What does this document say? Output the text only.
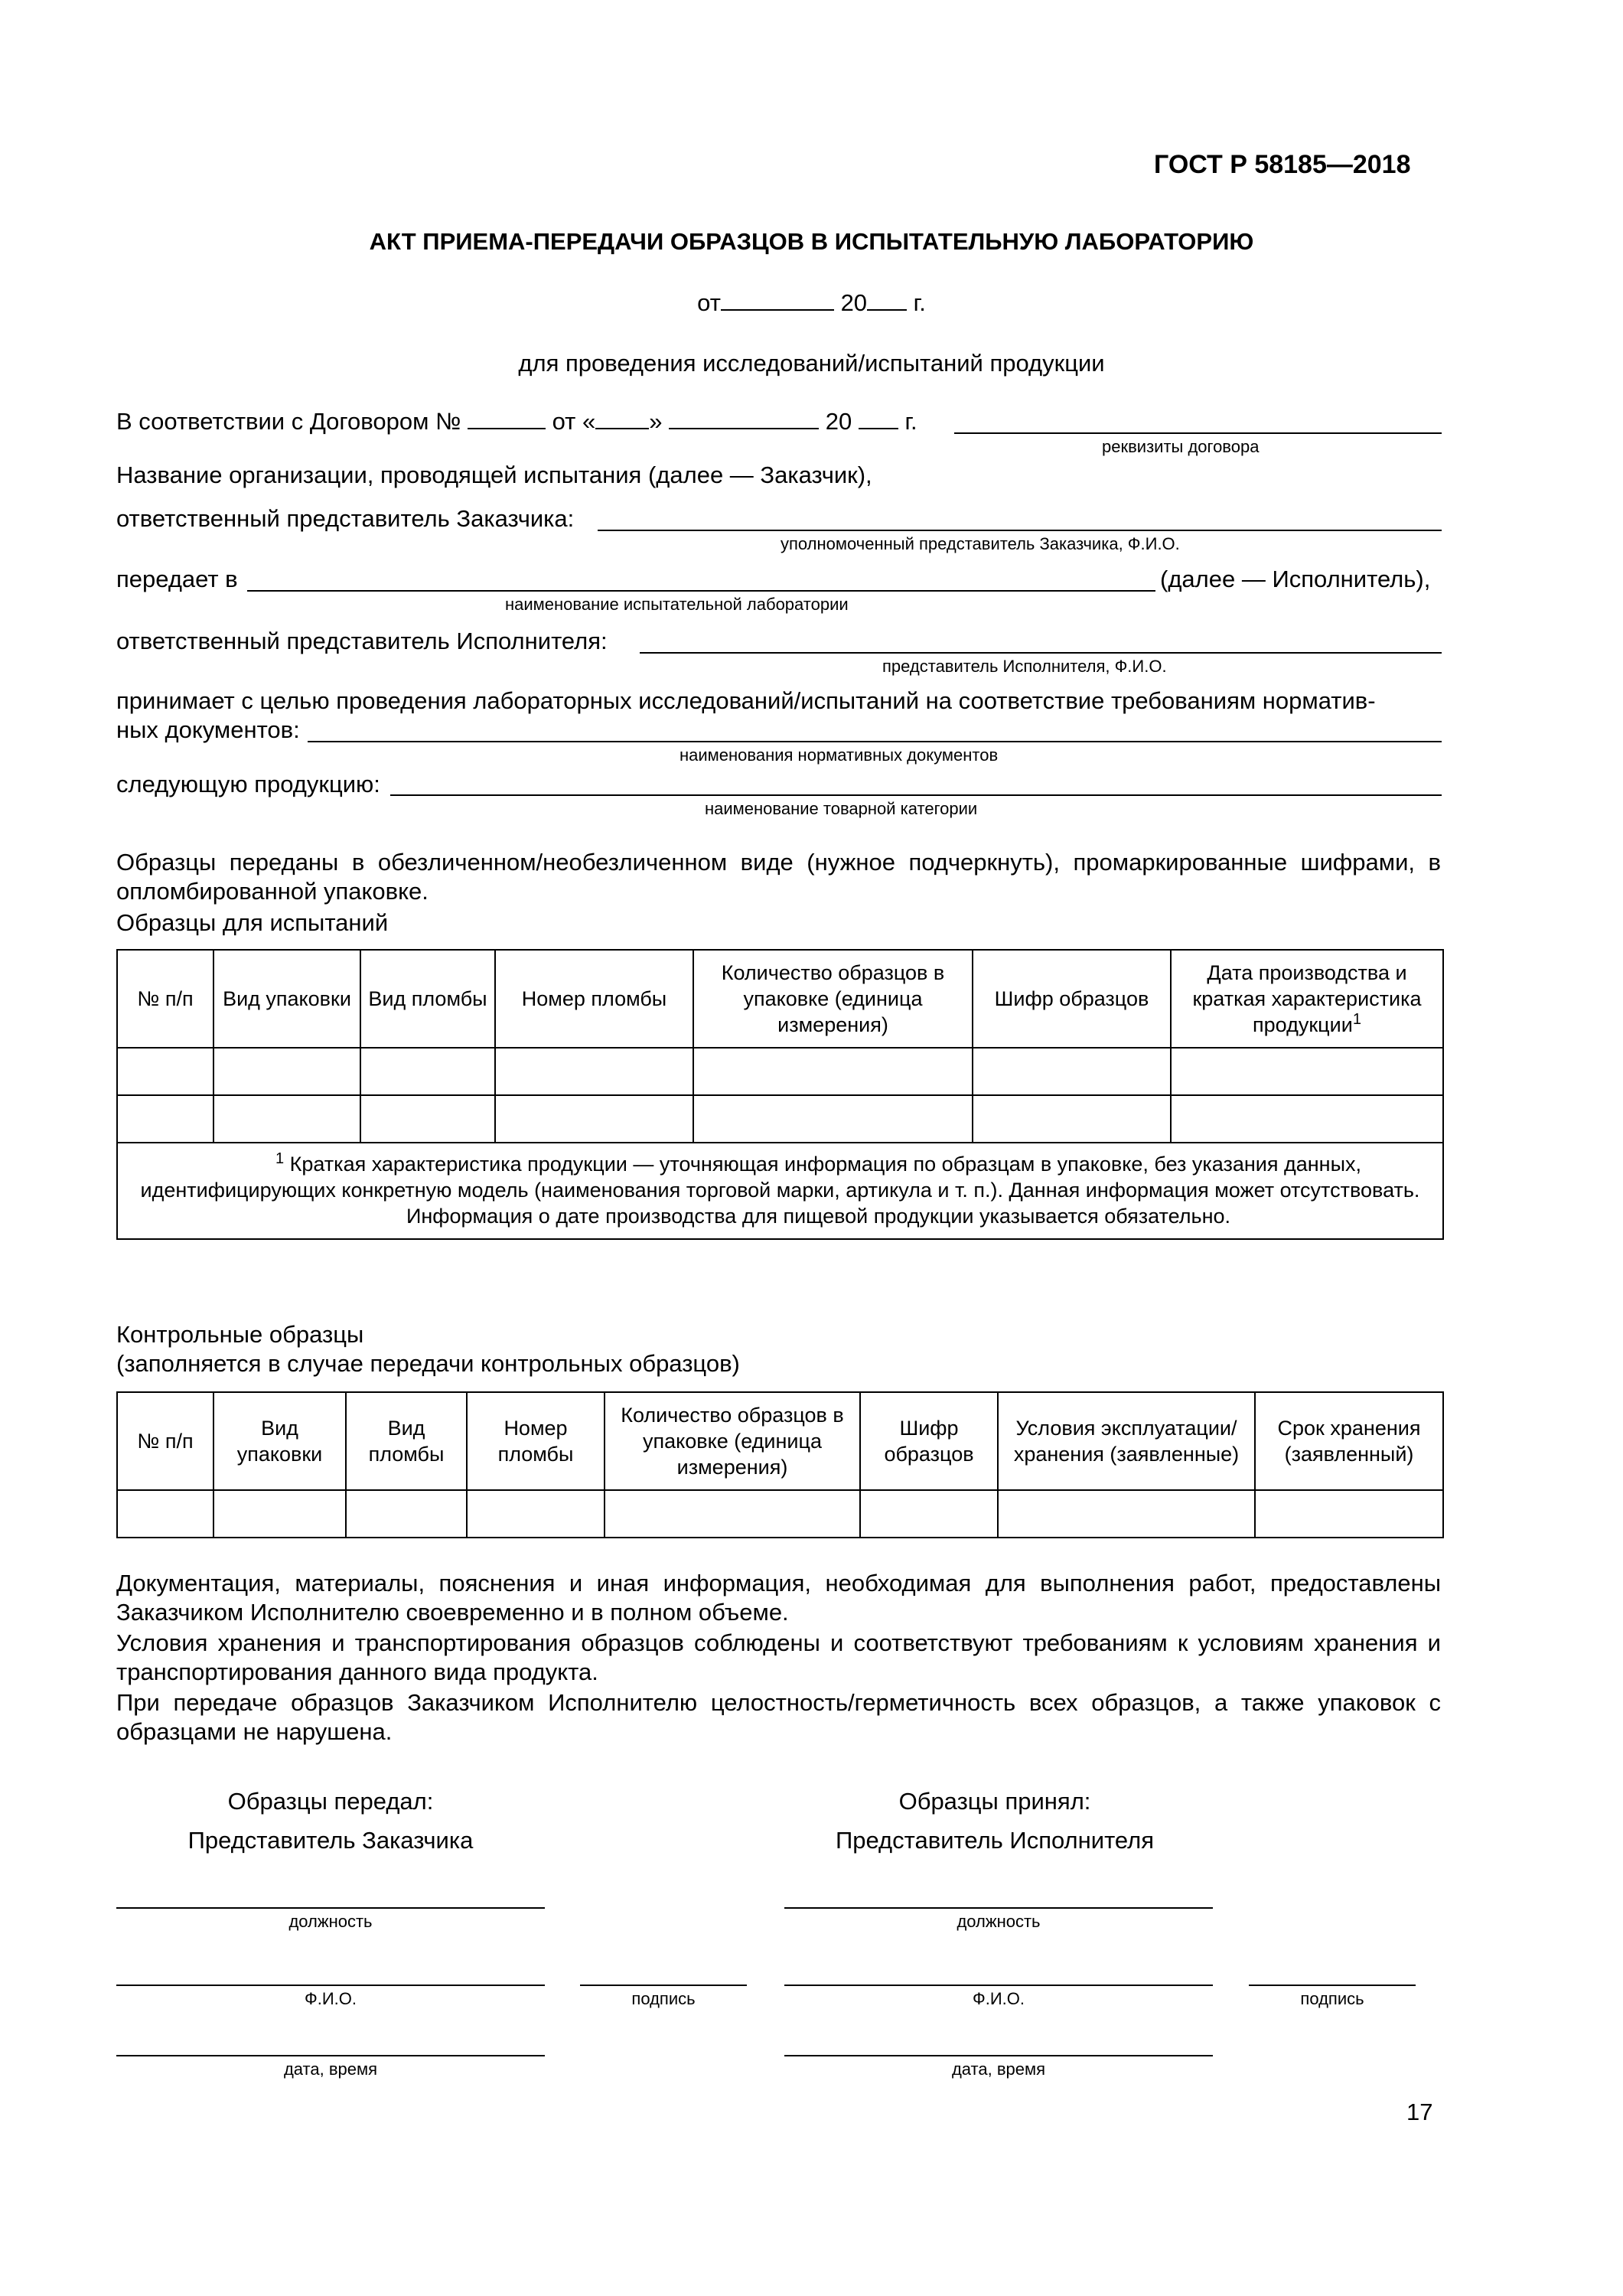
ГОСТ Р 58185—2018
АКТ ПРИЕМА-ПЕРЕДАЧИ ОБРАЗЦОВ В ИСПЫТАТЕЛЬНУЮ ЛАБОРАТОРИЮ
от	20 г.
для проведения исследований/испытаний продукции
В соответствии с Договором №	от « »	20 г.
реквизиты договора
Название организации, проводящей испытания (далее — Заказчик),
ответственный представитель Заказчика:
уполномоченный представитель Заказчика, Ф.И.О.
передает в	(далее — Исполнитель),
наименование испытательной лаборатории
ответственный представитель Исполнителя:
представитель Исполнителя, Ф.И.О.
принимает с целью проведения лабораторных исследований/испытаний на соответствие требованиям норматив-
ных документов:
наименования нормативных документов
следующую продукцию:
наименование товарной категории
Образцы переданы в обезличенном/необезличенном виде (нужное подчеркнуть), промаркированные шифрами, в опломбированной упаковке.
Образцы для испытаний
№ п/п	Вид упаковки	Вид пломбы	Номер пломбы	Количество образцов в упаковке (единица измерения)	Шифр образцов	Дата производства и краткая характеристика продукции$^1$

$^1$ Краткая характеристика продукции — уточняющая информация по образцам в упаковке, без указания данных, идентифицирующих конкретную модель (наименования торговой марки, артикула и т. п.). Данная информация может отсутствовать.

Информация о дате производства для пищевой продукции указывается обязательно.						

Контрольные образцы
(заполняется в случае передачи контрольных образцов)
№ п/п	Вид упаковки	Вид пломбы	Номер пломбы	Количество образцов в упаковке (единица измерения)	Шифр образцов	Условия эксплуатации/хранения (заявленные)	Срок хранения (заявленный)

Документация, материалы, пояснения и иная информация, необходимая для выполнения работ, предоставлены Заказчиком Исполнителю своевременно и в полном объеме.
Условия хранения и транспортирования образцов соблюдены и соответствуют требованиям к условиям хранения и транспортирования данного вида продукта.
При передаче образцов Заказчиком Исполнителю целостность/герметичность всех образцов, а также упаковок с образцами не нарушена.
Образцы передал:
Представитель Заказчика
Образцы принял:
Представитель Исполнителя
должность	должность
Ф.И.О.	подпись	Ф.И.О.	подпись
дата, время	дата, время
17
